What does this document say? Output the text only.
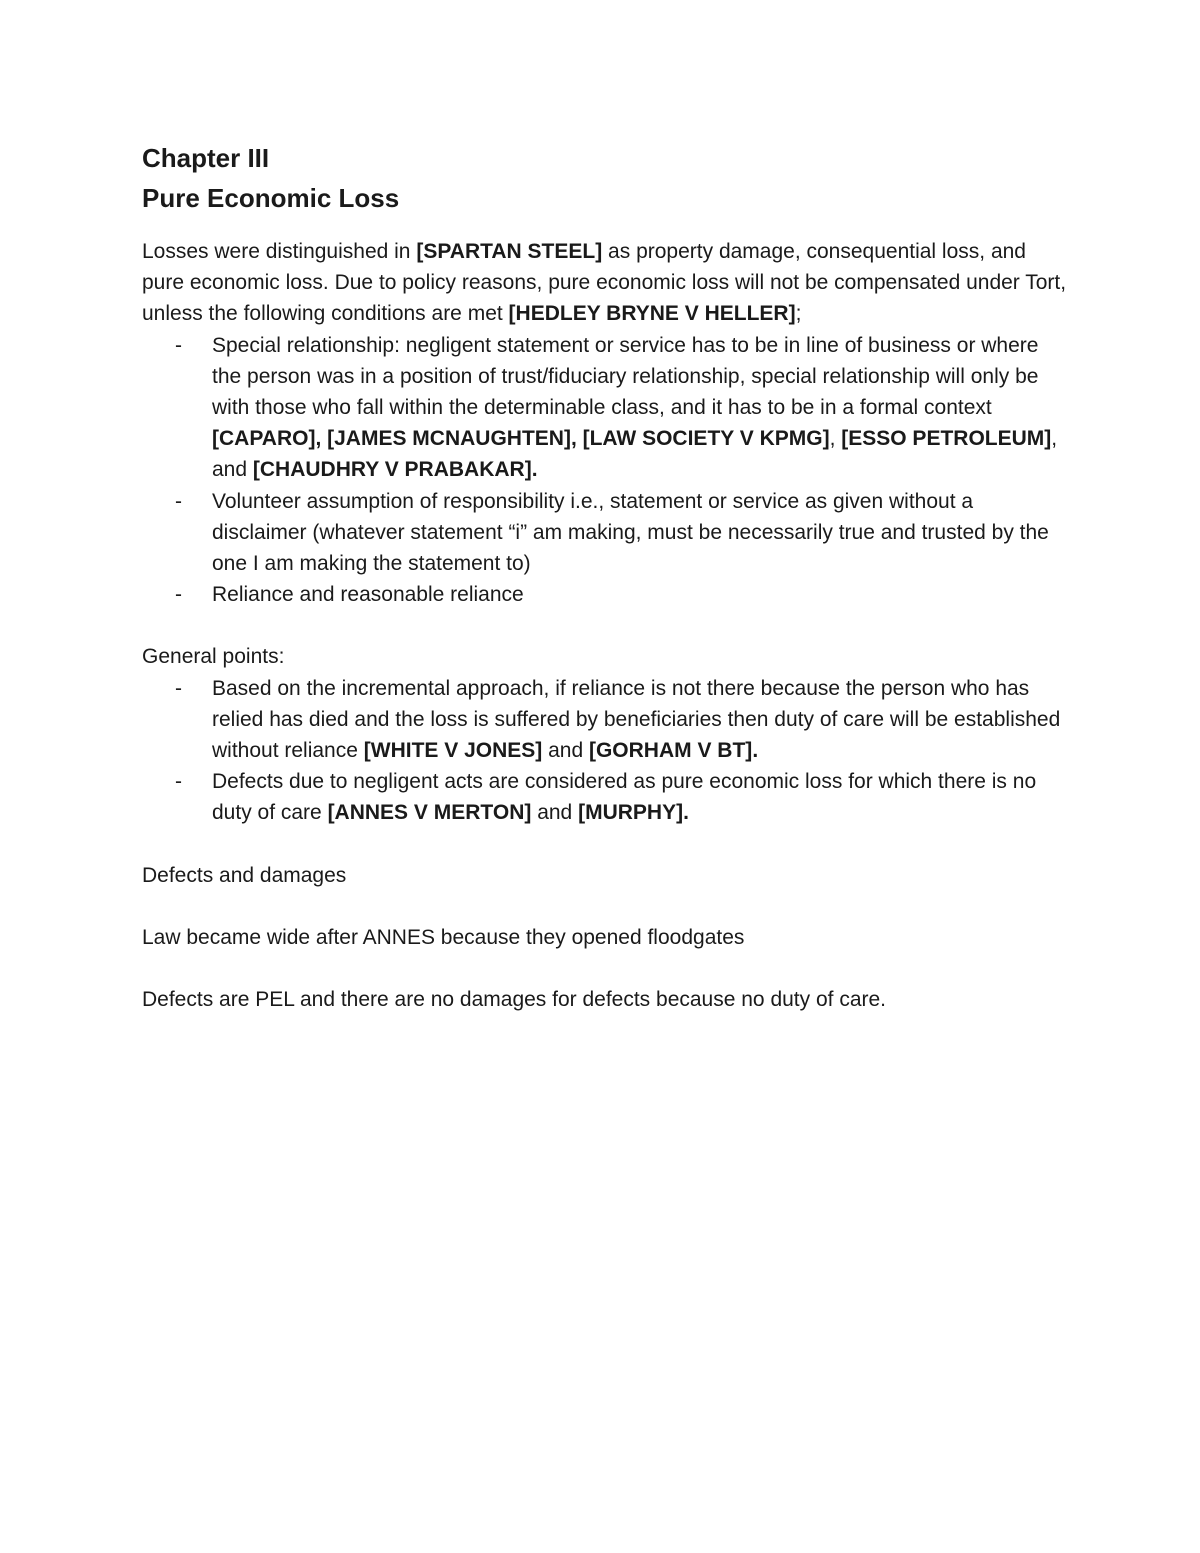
Chapter III
Pure Economic Loss

Losses were distinguished in [SPARTAN STEEL] as property damage, consequential loss, and pure economic loss. Due to policy reasons, pure economic loss will not be compensated under Tort, unless the following conditions are met [HEDLEY BRYNE V HELLER];

- Special relationship: negligent statement or service has to be in line of business or where the person was in a position of trust/fiduciary relationship, special relationship will only be with those who fall within the determinable class, and it has to be in a formal context [CAPARO], [JAMES MCNAUGHTEN], [LAW SOCIETY V KPMG], [ESSO PETROLEUM], and [CHAUDHRY V PRABAKAR].
- Volunteer assumption of responsibility i.e., statement or service as given without a disclaimer (whatever statement “i” am making, must be necessarily true and trusted by the one I am making the statement to)
- Reliance and reasonable reliance

General points:

- Based on the incremental approach, if reliance is not there because the person who has relied has died and the loss is suffered by beneficiaries then duty of care will be established without reliance [WHITE V JONES] and [GORHAM V BT].
- Defects due to negligent acts are considered as pure economic loss for which there is no duty of care [ANNES V MERTON] and [MURPHY].

Defects and damages

Law became wide after ANNES because they opened floodgates

Defects are PEL and there are no damages for defects because no duty of care.
